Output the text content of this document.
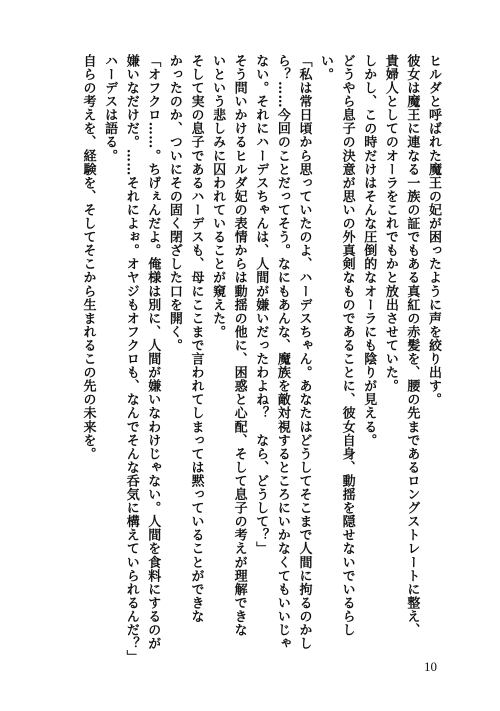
ヒルダと呼ばれた魔王の妃が困ったように声を絞り出す。
彼女は魔王に連なる一族の証でもある真紅の赤髪を、腰の先まであるロングストレートに整え、
貴婦人としてのオーラをこれでもかと放出させていた。
しかし、この時だけはそんな圧倒的なオーラにも陰りが見える。
どうやら息子の決意が思いの外真剣なものであることに、彼女自身、動揺を隠せないでいるらし
い。
「私は常日頃から思っていたのよ、ハーデスちゃん。あなたはどうしてそこまで人間に拘るのかし
ら？……今回のことだってそう。なにもあんな、魔族を敵対視するところにいかなくてもいいじゃ
ない。それにハーデスちゃんは、人間が嫌いだったわよね？　なら、どうして？」
そう問いかけるヒルダ妃の表情からは動揺の他に、困惑と心配、そして息子の考えが理解できな
いという悲しみに囚われていることが窺えた。
そして実の息子であるハーデスも、母にここまで言われてしまっては黙っていることができな
かったのか、ついにその固く閉ざした口を開く。
「オフクロ……。ちげぇんだよ。俺様は別に、人間が嫌いなわけじゃない。人間を食料にするのが
嫌いなだけだ。……それによぉ。オヤジもオフクロも、なんでそんな呑気に構えていられるんだ？」
ハーデスは語る。
自らの考えを、経験を、そしてそこから生まれるこの先の未来を。
10
